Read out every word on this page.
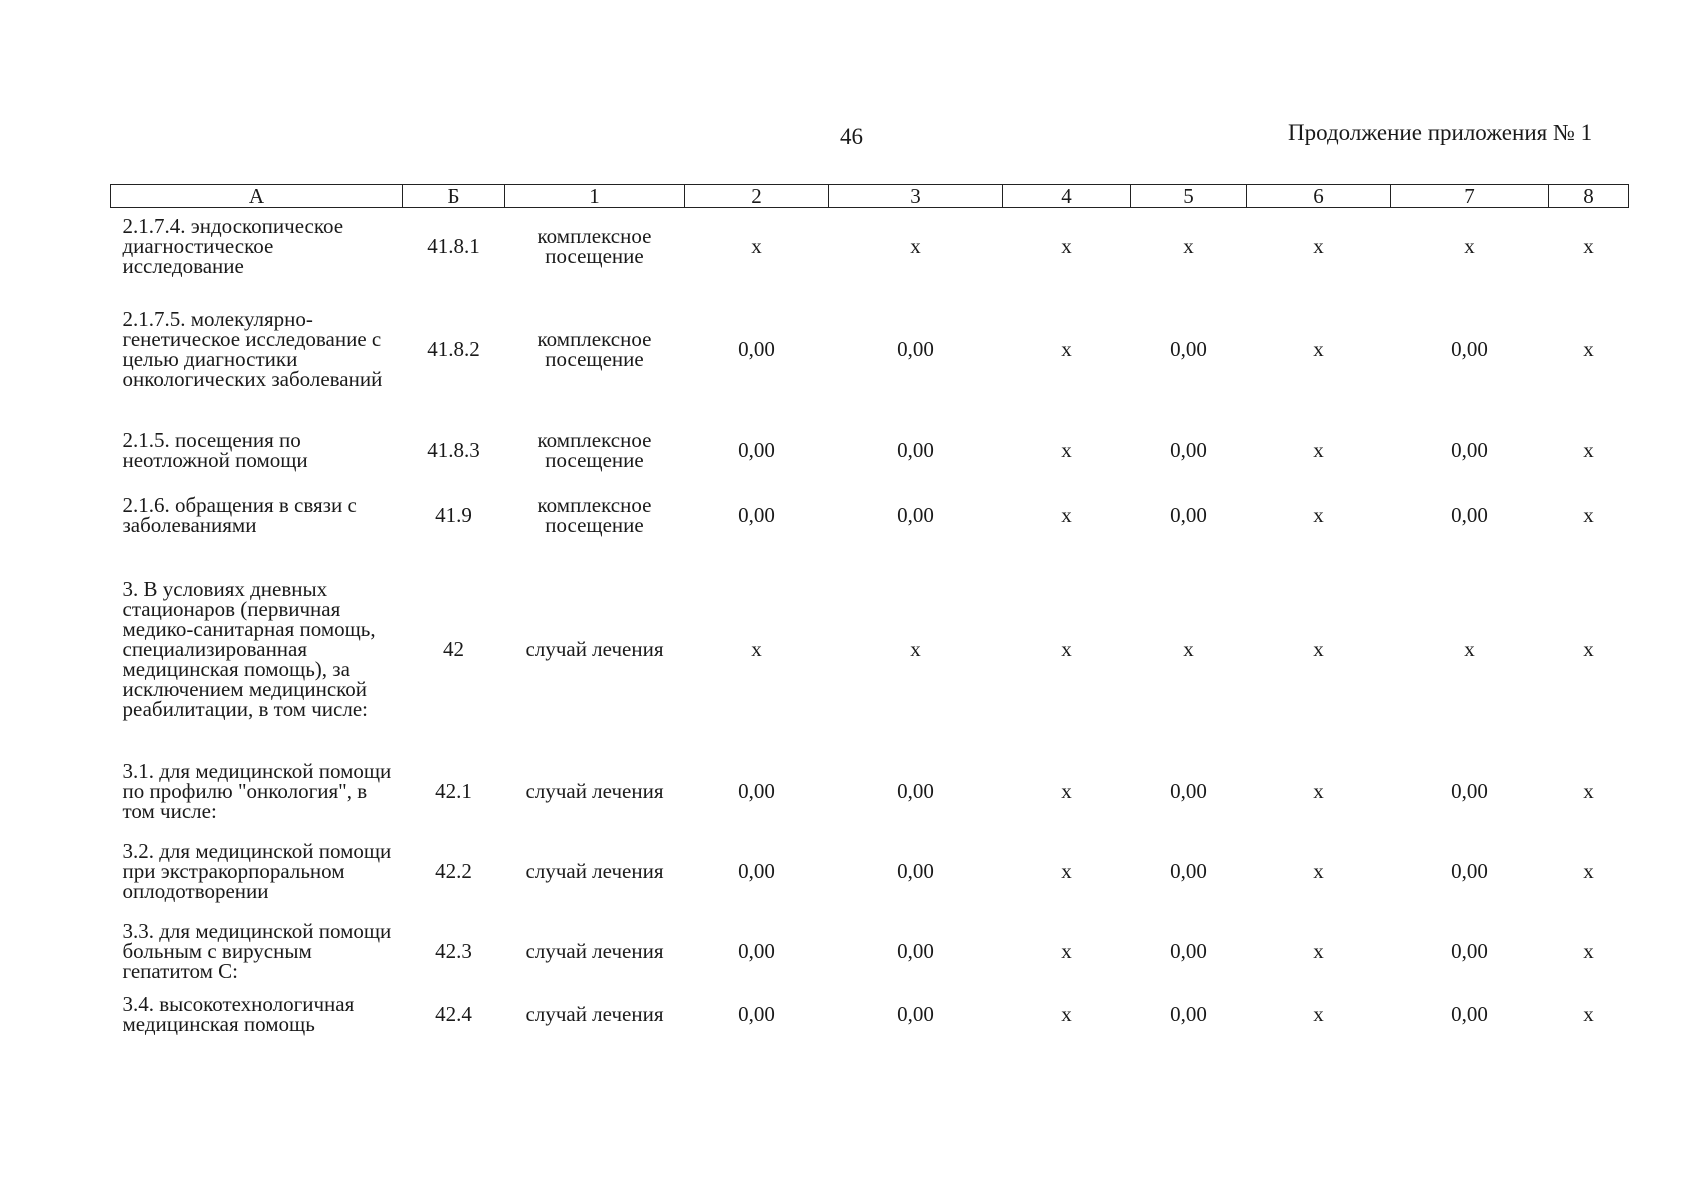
46	Продолжение приложения № 1
А	Б	1	2	3	4	5	6	7	8
2.1.7.4. эндоскопическое диагностическое исследование	41.8.1	комплексное посещение	х	х	х	х	х	х	х
2.1.7.5. молекулярно-генетическое исследование с целью диагностики онкологических заболеваний	41.8.2	комплексное посещение	0,00	0,00	х	0,00	х	0,00	х
2.1.5. посещения по неотложной помощи	41.8.3	комплексное посещение	0,00	0,00	х	0,00	х	0,00	х
2.1.6. обращения в связи с заболеваниями	41.9	комплексное посещение	0,00	0,00	х	0,00	х	0,00	х
3. В условиях дневных стационаров (первичная медико-санитарная помощь, специализированная медицинская помощь), за исключением медицинской реабилитации, в том числе:	42	случай лечения	х	х	х	х	х	х	х
3.1. для медицинской помощи по профилю "онкология", в том числе:	42.1	случай лечения	0,00	0,00	х	0,00	х	0,00	х
3.2. для медицинской помощи при экстракорпоральном оплодотворении	42.2	случай лечения	0,00	0,00	х	0,00	х	0,00	х
3.3. для медицинской помощи больным с вирусным гепатитом С:	42.3	случай лечения	0,00	0,00	х	0,00	х	0,00	х
3.4. высокотехнологичная медицинская помощь	42.4	случай лечения	0,00	0,00	х	0,00	х	0,00	х
